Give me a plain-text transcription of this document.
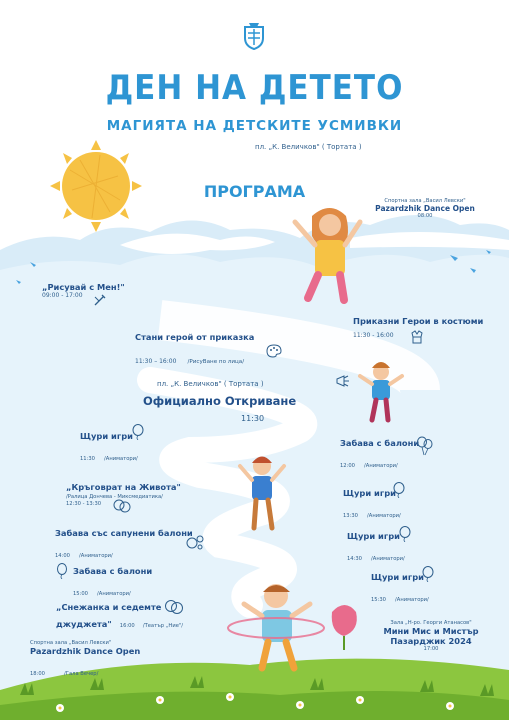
ДЕН НА ДЕТЕТО
МАГИЯТА НА ДЕТСКИТЕ УСМИВКИ
пл. „К. Величков" ( Тортата )
ПРОГРАМА	Спортна зала „Васил Левски"
Pazardzhik Dance Open
08:00
„Рисувай с Мен!"
09:00 - 17:00
Приказни Герои в костюми
11:30 - 16:00
Стани герой от приказка
11:30 – 16:00 /РисуВане по лица/
пл. „К. Величков" ( Тортата )
Официално Откриване
11:30
Щури игри
11:30 /Аниматори/
Забава с балони
12:00 /Аниматори/
„Кръговрат на Живота"
/Ралица Дончева - Миксмедиатика/
12:30 - 13:30
Щури игри
13:30 /Аниматори/
Забава със сапунени балони
14:00 /Аниматори/
Щури игри
14:30 /Аниматори/
Забава с балони
15:00 /Аниматори/
Щури игри
15:30 /Аниматори/
„Снежанка и седемте
джуджета" 16:00 /Театър „Ние"/	Зала „Н-ро. Георги Атанасов"
Мини Мис и Мистър
Пазарджик 2024
17:00
Спортна зала „Васил Левски"
Pazardzhik Dance Open
18:00	/Гала Вечер/
